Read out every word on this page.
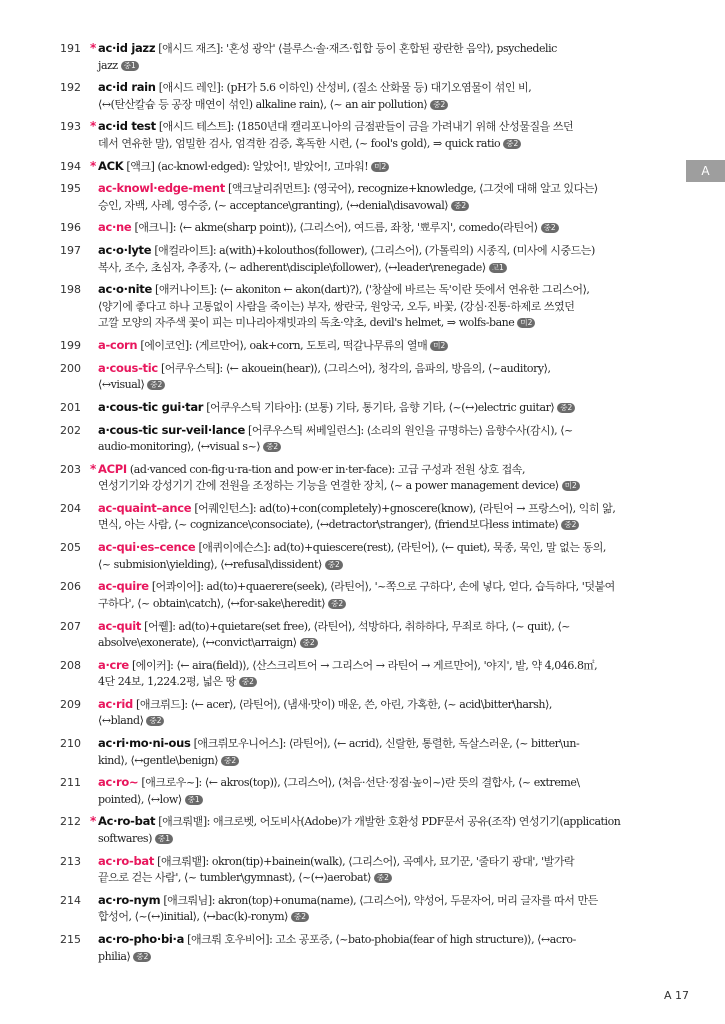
191 * ac·id jazz [애시드 재즈]: '혼성 광악' ⟨블루스·솔·재즈·힙합 등이 혼합된 광란한 음악⟩, psychedelic
jazz 중1
192	ac·id rain [애시드 레인]: (pH가 5.6 이하인) 산성비, (질소 산화물 등) 대기오염물이 섞인 비,
⟨↔(탄산칼슘 등 공장 매연이 섞인) alkaline rain⟩, ⟨~ an air pollution⟩ 중2
193 * ac·id test [애시드 테스트]: ⟨1850년대 캘리포니아의 금점판들이 금을 가려내기 위해 산성물질을 쓰던
데서 연유한 말⟩, 엄밀한 검사, 엄격한 검증, 혹독한 시련, ⟨~ fool's gold⟩, ⇒ quick ratio 중2
194 * ACK [액크] (ac-knowl·edged): 알았어!, 받았어!, 고마워! 미2
195	ac-knowl·edge-ment [액크날리쥐먼트]: ⟨영국어⟩, recognize+knowledge, ⟨그것에 대해 알고 있다는⟩
승인, 자백, 사례, 영수증, ⟨~ acceptance\granting⟩, ⟨↔denial\disavowal⟩ 중2
196	ac·ne [애크니]: ⟨← akme(sharp point)⟩, ⟨그리스어⟩, 여드름, 좌창, '뾰루지', comedo⟨라틴어⟩ 중2
197	ac·o·lyte [애컬라이트]: a(with)+kolouthos(follower), ⟨그리스어⟩, (가톨릭의) 시종직, (미사에 시중드는)
복사, 조수, 초심자, 추종자, ⟨~ adherent\disciple\follower⟩, ⟨↔leader\renegade⟩ 고1
198	ac·o·nite [애커나이트]: ⟨← akoniton ← akon(dart)?⟩, ⟨'창살에 바르는 독'이란 뜻에서 연유한 그리스어⟩,
⟨양기에 좋다고 하나 고통없이 사람을 죽이는⟩ 부자, 쌍란국, 원앙국, 오두, 바꽃, ⟨강심·진통·하제로 쓰였던
고깔 모양의 자주색 꽃이 피는 미나리아재빗과의 독초·약초, devil's helmet, ⇒ wolfs-bane 미2
199	a-corn [에이코언]: ⟨게르만어⟩, oak+corn, 도토리, 떡갈나무류의 열매 미2
200	a·cous-tic [어쿠우스틱]: ⟨← akouein(hear)⟩, ⟨그리스어⟩, 청각의, 음파의, 방음의, ⟨~auditory⟩,
⟨↔visual⟩ 중2
201	a·cous-tic gui·tar [어쿠우스틱 기타아]: (보통) 기타, 통기타, 음향 기타, ⟨~(↔)electric guitar⟩ 중2
202	a·cous-tic sur-veil·lance [어쿠우스틱 써베일런스]: ⟨소리의 원인을 규명하는⟩ 음향수사(감시), ⟨~
audio-monitoring⟩, ⟨↔visual s~⟩ 중2
203 * ACPI (ad·vanced con-fig·u·ra-tion and pow·er in·ter-face): 고급 구성과 전원 상호 접속,
연성기기와 강성기기 간에 전원을 조정하는 기능을 연결한 장치, ⟨~ a power management device⟩ 미2
204	ac-quaint–ance [어퀘인턴스]: ad(to)+con(completely)+gnoscere(know), ⟨라틴어 → 프랑스어⟩, 익히 앎,
면식, 아는 사람, ⟨~ cognizance\consociate⟩, ⟨↔detractor\stranger⟩, ⟨friend보다less intimate⟩ 중2
205	ac-qui·es–cence [애퀴이에슨스]: ad(to)+quiescere(rest), ⟨라틴어⟩, ⟨← quiet⟩, 묵종, 묵인, 말 없는 동의,
⟨~ submision\yielding⟩, ⟨↔refusal\dissident⟩ 중2
206	ac-quire [어콰이어]: ad(to)+quaerere(seek), ⟨라틴어⟩, '~쪽으로 구하다', 손에 넣다, 얻다, 습득하다, '덧붙여
구하다', ⟨~ obtain\catch⟩, ⟨↔for-sake\heredit⟩ 중2
207	ac-quit [어퀱]: ad(to)+quietare(set free), ⟨라틴어⟩, 석방하다, 취하하다, 무죄로 하다, ⟨~ quit⟩, ⟨~
absolve\exonerate⟩, ⟨↔convict\arraign⟩ 중2
208	a·cre [에이커]: ⟨← aira(field)⟩, ⟨산스크리트어 → 그리스어 → 라틴어 → 게르만어⟩, '야지', 밭, 약 4,046.8㎡,
4단 24보, 1,224.2평, 넓은 땅 중2
209	ac·rid [애크뤼드]: ⟨← acer⟩, ⟨라틴어⟩, (냄새·맛이) 매운, 쓴, 아린, 가혹한, ⟨~ acid\bitter\harsh⟩,
⟨↔bland⟩ 중2
210	ac·ri·mo·ni-ous [애크뤼모우니어스]: ⟨라틴어⟩, ⟨← acrid⟩, 신랄한, 통렬한, 독살스러운, ⟨~ bitter\un-
kind⟩, ⟨↔gentle\benign⟩ 중2
211	ac·ro~ [애크로우~]: ⟨← akros(top)⟩, ⟨그리스어⟩, ⟨처음·선단·정점·높이~⟩란 뜻의 결합사, ⟨~ extreme\
pointed⟩, ⟨↔low⟩ 중1
212 * Ac·ro-bat [애크뤄뱉]: 애크로벳, 어도비사(Adobe)가 개발한 호환성 PDF문서 공유(조작) 연성기기(application
softwares) 중1
213	ac·ro-bat [애크뤄뱉]: okron(tip)+bainein(walk), ⟨그리스어⟩, 곡예사, 묘기꾼, '줄타기 광대', '발가락
끝으로 걷는 사람', ⟨~ tumbler\gymnast⟩, ⟨~(↔)aerobat⟩ 중2
214	ac·ro-nym [애크뤄님]: akron(top)+onuma(name), ⟨그리스어⟩, 약성어, 두문자어, 머리 글자를 따서 만든
합성어, ⟨~(↔)initial⟩, ⟨↔bac(k)-ronym⟩ 중2
215	ac·ro-pho·bi·a [애크뤄 호우비어]: 고소 공포증, ⟨~bato-phobia(fear of high structure)⟩, ⟨↔acro-
philia⟩ 중2
A
A 17
